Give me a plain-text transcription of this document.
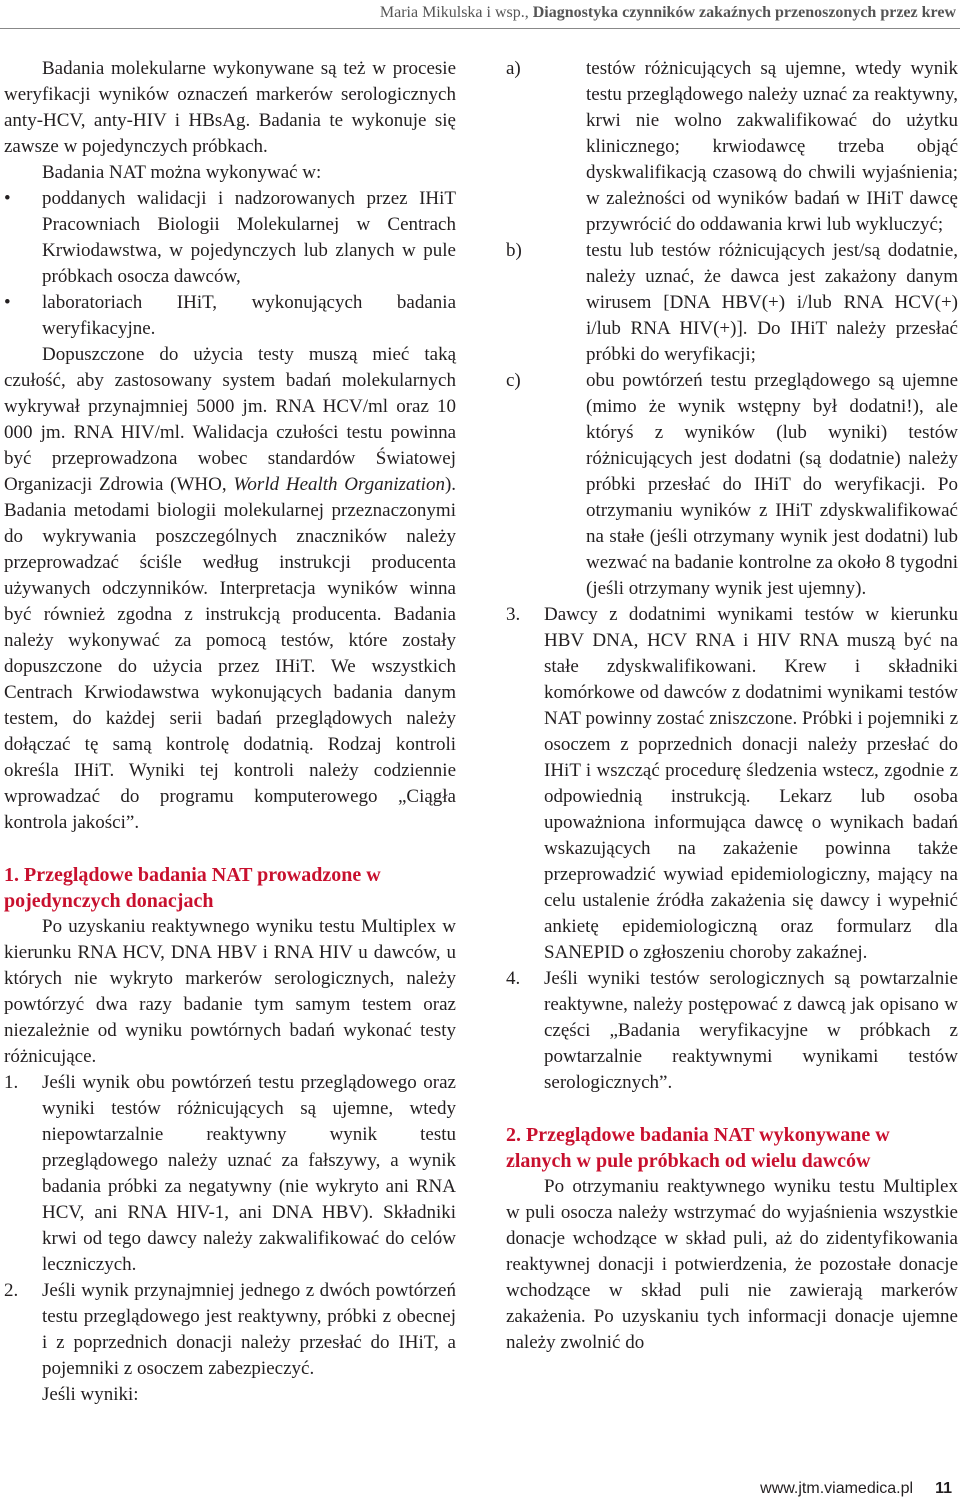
Maria Mikulska i wsp., Diagnostyka czynników zakaźnych przenoszonych przez krew

Badania molekularne wykonywane są też w procesie weryfikacji wyników oznaczeń markerów serologicznych anty-HCV, anty-HIV i HBsAg. Badania te wykonuje się zawsze w pojedynczych próbkach.

Badania NAT można wykonywać w:

• poddanych walidacji i nadzorowanych przez IHiT Pracowniach Biologii Molekularnej w Centrach Krwiodawstwa, w pojedynczych lub zlanych w pule próbkach osocza dawców,
• laboratoriach IHiT, wykonujących badania weryfikacyjne.

Dopuszczone do użycia testy muszą mieć taką czułość, aby zastosowany system badań molekularnych wykrywał przynajmniej 5000 jm. RNA HCV/ml oraz 10 000 jm. RNA HIV/ml. Walidacja czułości testu powinna być przeprowadzona wobec standardów Światowej Organizacji Zdrowia (WHO, World Health Organization). Badania metodami biologii molekularnej przeznaczonymi do wykrywania poszczególnych znaczników należy przeprowadzać ściśle według instrukcji producenta używanych odczynników. Interpretacja wyników winna być również zgodna z instrukcją producenta. Badania należy wykonywać za pomocą testów, które zostały dopuszczone do użycia przez IHiT. We wszystkich Centrach Krwiodawstwa wykonujących badania danym testem, do każdej serii badań przeglądowych należy dołączać tę samą kontrolę dodatnią. Rodzaj kontroli określa IHiT. Wyniki tej kontroli należy codziennie wprowadzać do programu komputerowego „Ciągła kontrola jakości”.

1. Przeglądowe badania NAT prowadzone w pojedynczych donacjach

Po uzyskaniu reaktywnego wyniku testu Multiplex w kierunku RNA HCV, DNA HBV i RNA HIV u dawców, u których nie wykryto markerów serologicznych, należy powtórzyć dwa razy badanie tym samym testem oraz niezależnie od wyniku powtórnych badań wykonać testy różnicujące.

1. Jeśli wynik obu powtórzeń testu przeglądowego oraz wyniki testów różnicujących są ujemne, wtedy niepowtarzalnie reaktywny wynik testu przeglądowego należy uznać za fałszywy, a wynik badania próbki za negatywny (nie wykryto ani RNA HCV, ani RNA HIV-1, ani DNA HBV). Składniki krwi od tego dawcy należy zakwalifikować do celów leczniczych.
2. Jeśli wynik przynajmniej jednego z dwóch powtórzeń testu przeglądowego jest reaktywny, próbki z obecnej i z poprzednich donacji należy przesłać do IHiT, a pojemniki z osoczem zabezpieczyć.

Jeśli wyniki:

a)	testów różnicujących są ujemne, wtedy wynik testu przeglądowego należy uznać za reaktywny, krwi nie wolno zakwalifikować do użytku klinicznego; krwiodawcę trzeba objąć dyskwalifikacją czasową do chwili wyjaśnienia; w zależności od wyników badań w IHiT dawcę przywrócić do oddawania krwi lub wykluczyć;
b)	testu lub testów różnicujących jest/są dodatnie, należy uznać, że dawca jest zakażony danym wirusem [DNA HBV(+) i/lub RNA HCV(+) i/lub RNA HIV(+)]. Do IHiT należy przesłać próbki do weryfikacji;
c)	obu powtórzeń testu przeglądowego są ujemne (mimo że wynik wstępny był dodatni!), ale któryś z wyników (lub wyniki) testów różnicujących jest dodatni (są dodatnie) należy próbki przesłać do IHiT do weryfikacji. Po otrzymaniu wyników z IHiT zdyskwalifikować na stałe (jeśli otrzymany wynik jest dodatni) lub wezwać na badanie kontrolne za około 8 tygodni (jeśli otrzymany wynik jest ujemny).
3. Dawcy z dodatnimi wynikami testów w kierunku HBV DNA, HCV RNA i HIV RNA muszą być na stałe zdyskwalifikowani. Krew i składniki komórkowe od dawców z dodatnimi wynikami testów NAT powinny zostać zniszczone. Próbki i pojemniki z osoczem z poprzednich donacji należy przesłać do IHiT i wszcząć procedurę śledzenia wstecz, zgodnie z odpowiednią instrukcją. Lekarz lub osoba upoważniona informująca dawcę o wynikach badań wskazujących na zakażenie powinna także przeprowadzić wywiad epidemiologiczny, mający na celu ustalenie źródła zakażenia się dawcy i wypełnić ankietę epidemiologiczną oraz formularz dla SANEPID o zgłoszeniu choroby zakaźnej.
4. Jeśli wyniki testów serologicznych są powtarzalnie reaktywne, należy postępować z dawcą jak opisano w części „Badania weryfikacyjne w próbkach z powtarzalnie reaktywnymi wynikami testów serologicznych”.
2. Przeglądowe badania NAT wykonywane w zlanych w pule próbkach od wielu dawców

Po otrzymaniu reaktywnego wyniku testu Multiplex w puli osocza należy wstrzymać do wyjaśnienia wszystkie donacje wchodzące w skład puli, aż do zidentyfikowania reaktywnej donacji i potwierdzenia, że pozostałe donacje wchodzące w skład puli nie zawierają markerów zakażenia. Po uzyskaniu tych informacji donacje ujemne należy zwolnić do

www.jtm.viamedica.pl 11
